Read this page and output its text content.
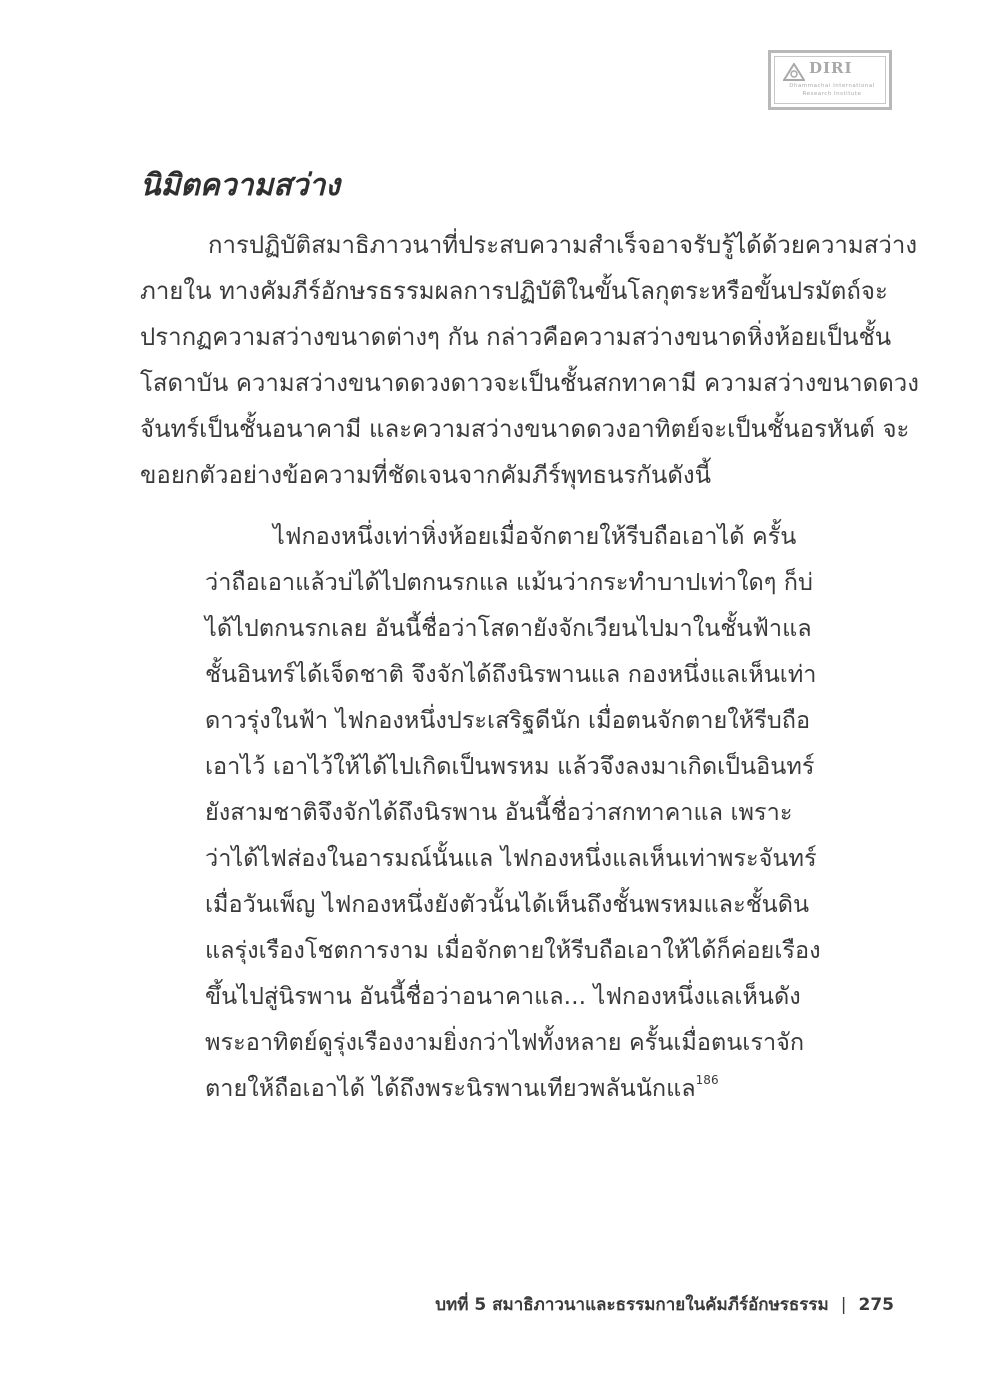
DIRI
Dhammachai International
Research Institute
นิมิตความสว่าง
การปฏิบัติสมาธิภาวนาที่ประสบความสำเร็จอาจรับรู้ได้ด้วยความสว่าง
ภายใน ทางคัมภีร์อักษรธรรมผลการปฏิบัติในขั้นโลกุตระหรือขั้นปรมัตถ์จะ
ปรากฏความสว่างขนาดต่างๆ กัน กล่าวคือความสว่างขนาดหิ่งห้อยเป็นชั้น
โสดาบัน ความสว่างขนาดดวงดาวจะเป็นชั้นสกทาคามี ความสว่างขนาดดวง
จันทร์เป็นชั้นอนาคามี และความสว่างขนาดดวงอาทิตย์จะเป็นชั้นอรหันต์ จะ
ขอยกตัวอย่างข้อความที่ชัดเจนจากคัมภีร์พุทธนรกันดังนี้
ไฟกองหนึ่งเท่าหิ่งห้อยเมื่อจักตายให้รีบถือเอาได้ ครั้น
ว่าถือเอาแล้วบ่ได้ไปตกนรกแล แม้นว่ากระทำบาปเท่าใดๆ ก็บ่
ได้ไปตกนรกเลย อันนี้ชื่อว่าโสดายังจักเวียนไปมาในชั้นฟ้าแล
ชั้นอินทร์ได้เจ็ดชาติ จึงจักได้ถึงนิรพานแล กองหนึ่งแลเห็นเท่า
ดาวรุ่งในฟ้า ไฟกองหนึ่งประเสริฐดีนัก เมื่อตนจักตายให้รีบถือ
เอาไว้ เอาไว้ให้ได้ไปเกิดเป็นพรหม แล้วจึงลงมาเกิดเป็นอินทร์
ยังสามชาติจึงจักได้ถึงนิรพาน อันนี้ชื่อว่าสกทาคาแล เพราะ
ว่าได้ไฟส่องในอารมณ์นั้นแล ไฟกองหนึ่งแลเห็นเท่าพระจันทร์
เมื่อวันเพ็ญ ไฟกองหนึ่งยังตัวนั้นได้เห็นถึงชั้นพรหมและชั้นดิน
แลรุ่งเรืองโชตการงาม เมื่อจักตายให้รีบถือเอาให้ได้ก็ค่อยเรือง
ขึ้นไปสู่นิรพาน อันนี้ชื่อว่าอนาคาแล... ไฟกองหนึ่งแลเห็นดัง
พระอาทิตย์ดูรุ่งเรืองงามยิ่งกว่าไฟทั้งหลาย ครั้นเมื่อตนเราจัก
ตายให้ถือเอาได้ ได้ถึงพระนิรพานเทียวพลันนักแล$^{186}$
บทที่ 5 สมาธิภาวนาและธรรมกายในคัมภีร์อักษรธรรม | 275
